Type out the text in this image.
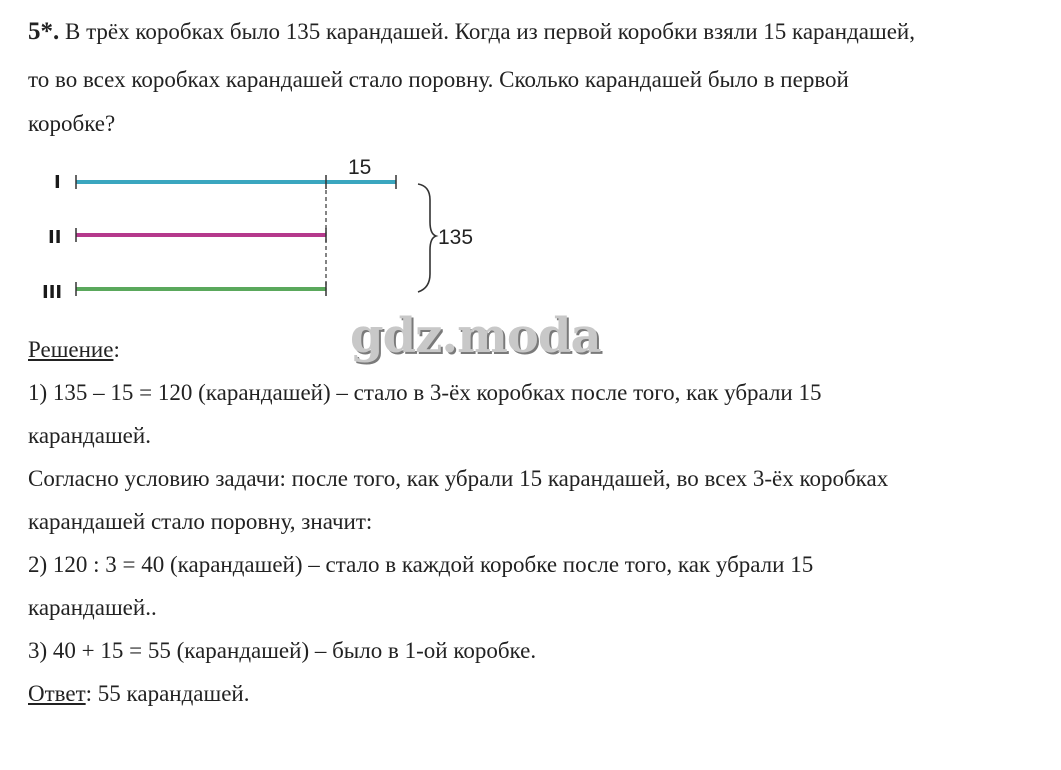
5*. В трёх коробках было 135 карандашей. Когда из первой коробки взяли 15 карандашей,
то во всех коробках карандашей стало поровну. Сколько карандашей было в первой
коробке?
I
II
III
15
135
gdz.moda
Решение:
1) 135 – 15 = 120 (карандашей) – стало в 3-ёх коробках после того, как убрали 15
карандашей.
Согласно условию задачи: после того, как убрали 15 карандашей, во всех 3-ёх коробках
карандашей стало поровну, значит:
2) 120 : 3 = 40 (карандашей) – стало в каждой коробке после того, как убрали 15
карандашей..
3) 40 + 15 = 55 (карандашей) – было в 1-ой коробке.
Ответ: 55 карандашей.
